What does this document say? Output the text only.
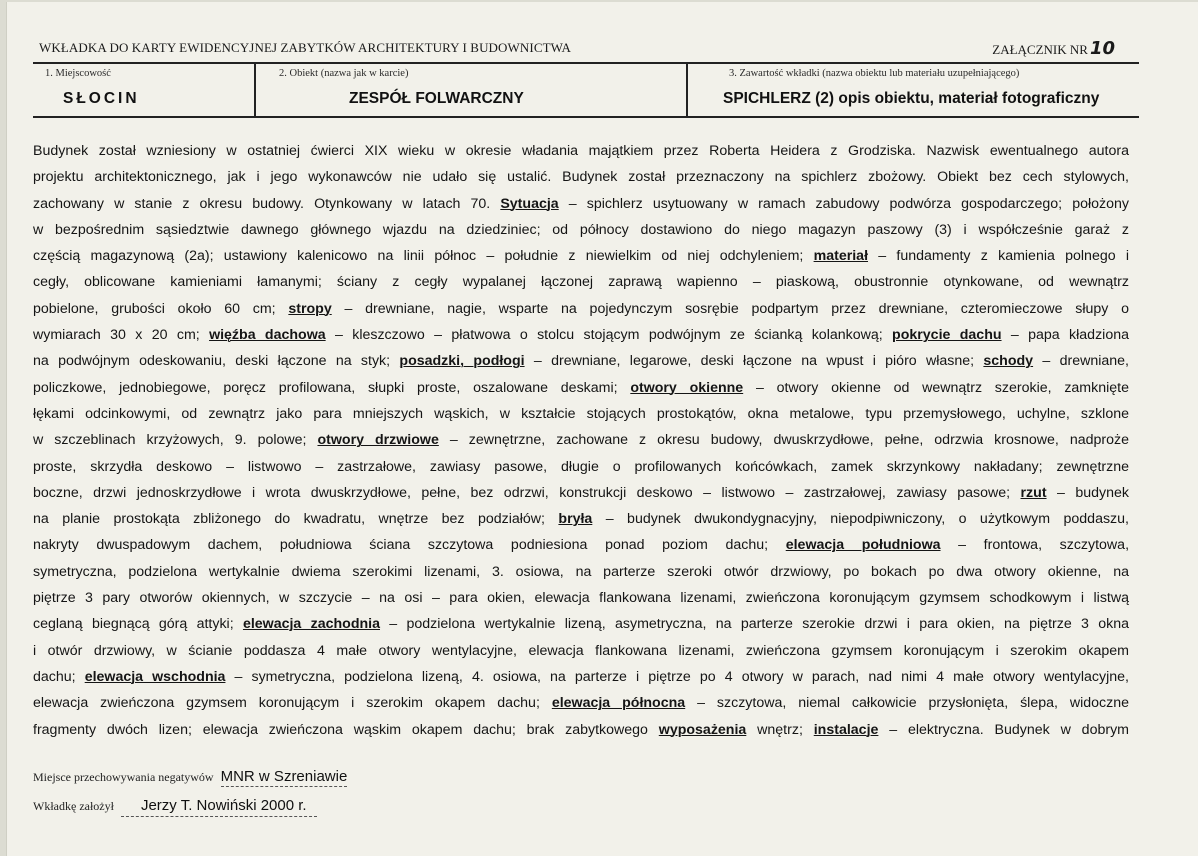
WKŁADKA DO KARTY EWIDENCYJNEJ ZABYTKÓW ARCHITEKTURY I BUDOWNICTWA	ZAŁĄCZNIK NR 10
1. Miejscowość
SŁOCIN
2. Obiekt (nazwa jak w karcie)
ZESPÓŁ FOLWARCZNY
3. Zawartość wkładki (nazwa obiektu lub materiału uzupełniającego)
SPICHLERZ (2) opis obiektu, materiał fotograficzny
Budynek został wzniesiony w ostatniej ćwierci XIX wieku w okresie władania majątkiem przez Roberta Heidera z Grodziska. Nazwisk ewentualnego autora
projektu architektonicznego, jak i jego wykonawców nie udało się ustalić. Budynek został przeznaczony na spichlerz zbożowy. Obiekt bez cech stylowych,
zachowany w stanie z okresu budowy. Otynkowany w latach 70. Sytuacja – spichlerz usytuowany w ramach zabudowy podwórza gospodarczego; położony
w bezpośrednim sąsiedztwie dawnego głównego wjazdu na dziedziniec; od północy dostawiono do niego magazyn paszowy (3) i współcześnie garaż z
częścią magazynową (2a); ustawiony kalenicowo na linii północ – południe z niewielkim od niej odchyleniem; materiał – fundamenty z kamienia polnego i
cegły, oblicowane kamieniami łamanymi; ściany z cegły wypalanej łączonej zaprawą wapienno – piaskową, obustronnie otynkowane, od wewnątrz
pobielone, grubości około 60 cm; stropy – drewniane, nagie, wsparte na pojedynczym sosrębie podpartym przez drewniane, czteromieczowe słupy o
wymiarach 30 x 20 cm; więźba dachowa – kleszczowo – płatwowa o stolcu stojącym podwójnym ze ścianką kolankową; pokrycie dachu – papa kładziona
na podwójnym odeskowaniu, deski łączone na styk; posadzki, podłogi – drewniane, legarowe, deski łączone na wpust i pióro własne; schody – drewniane,
policzkowe, jednobiegowe, poręcz profilowana, słupki proste, oszalowane deskami; otwory okienne – otwory okienne od wewnątrz szerokie, zamknięte
łękami odcinkowymi, od zewnątrz jako para mniejszych wąskich, w kształcie stojących prostokątów, okna metalowe, typu przemysłowego, uchylne, szklone
w szczeblinach krzyżowych, 9. polowe; otwory drzwiowe – zewnętrzne, zachowane z okresu budowy, dwuskrzydłowe, pełne, odrzwia krosnowe, nadproże
proste, skrzydła deskowo – listwowo – zastrzałowe, zawiasy pasowe, długie o profilowanych końcówkach, zamek skrzynkowy nakładany; zewnętrzne
boczne, drzwi jednoskrzydłowe i wrota dwuskrzydłowe, pełne, bez odrzwi, konstrukcji deskowo – listwowo – zastrzałowej, zawiasy pasowe; rzut – budynek
na planie prostokąta zbliżonego do kwadratu, wnętrze bez podziałów; bryła – budynek dwukondygnacyjny, niepodpiwniczony, o użytkowym poddaszu,
nakryty dwuspadowym dachem, południowa ściana szczytowa podniesiona ponad poziom dachu; elewacja południowa – frontowa, szczytowa,
symetryczna, podzielona wertykalnie dwiema szerokimi lizenami, 3. osiowa, na parterze szeroki otwór drzwiowy, po bokach po dwa otwory okienne, na
piętrze 3 pary otworów okiennych, w szczycie – na osi – para okien, elewacja flankowana lizenami, zwieńczona koronującym gzymsem schodkowym i listwą
ceglaną biegnącą górą attyki; elewacja zachodnia – podzielona wertykalnie lizeną, asymetryczna, na parterze szerokie drzwi i para okien, na piętrze 3 okna
i otwór drzwiowy, w ścianie poddasza 4 małe otwory wentylacyjne, elewacja flankowana lizenami, zwieńczona gzymsem koronującym i szerokim okapem
dachu; elewacja wschodnia – symetryczna, podzielona lizeną, 4. osiowa, na parterze i piętrze po 4 otwory w parach, nad nimi 4 małe otwory wentylacyjne,
elewacja zwieńczona gzymsem koronującym i szerokim okapem dachu; elewacja północna – szczytowa, niemal całkowicie przysłonięta, ślepa, widoczne
fragmenty dwóch lizen; elewacja zwieńczona wąskim okapem dachu; brak zabytkowego wyposażenia wnętrz; instalacje – elektryczna. Budynek w dobrym
Miejsce przechowywania negatywów MNR w Szreniawie
Wkładkę założył Jerzy T. Nowiński 2000 r.
